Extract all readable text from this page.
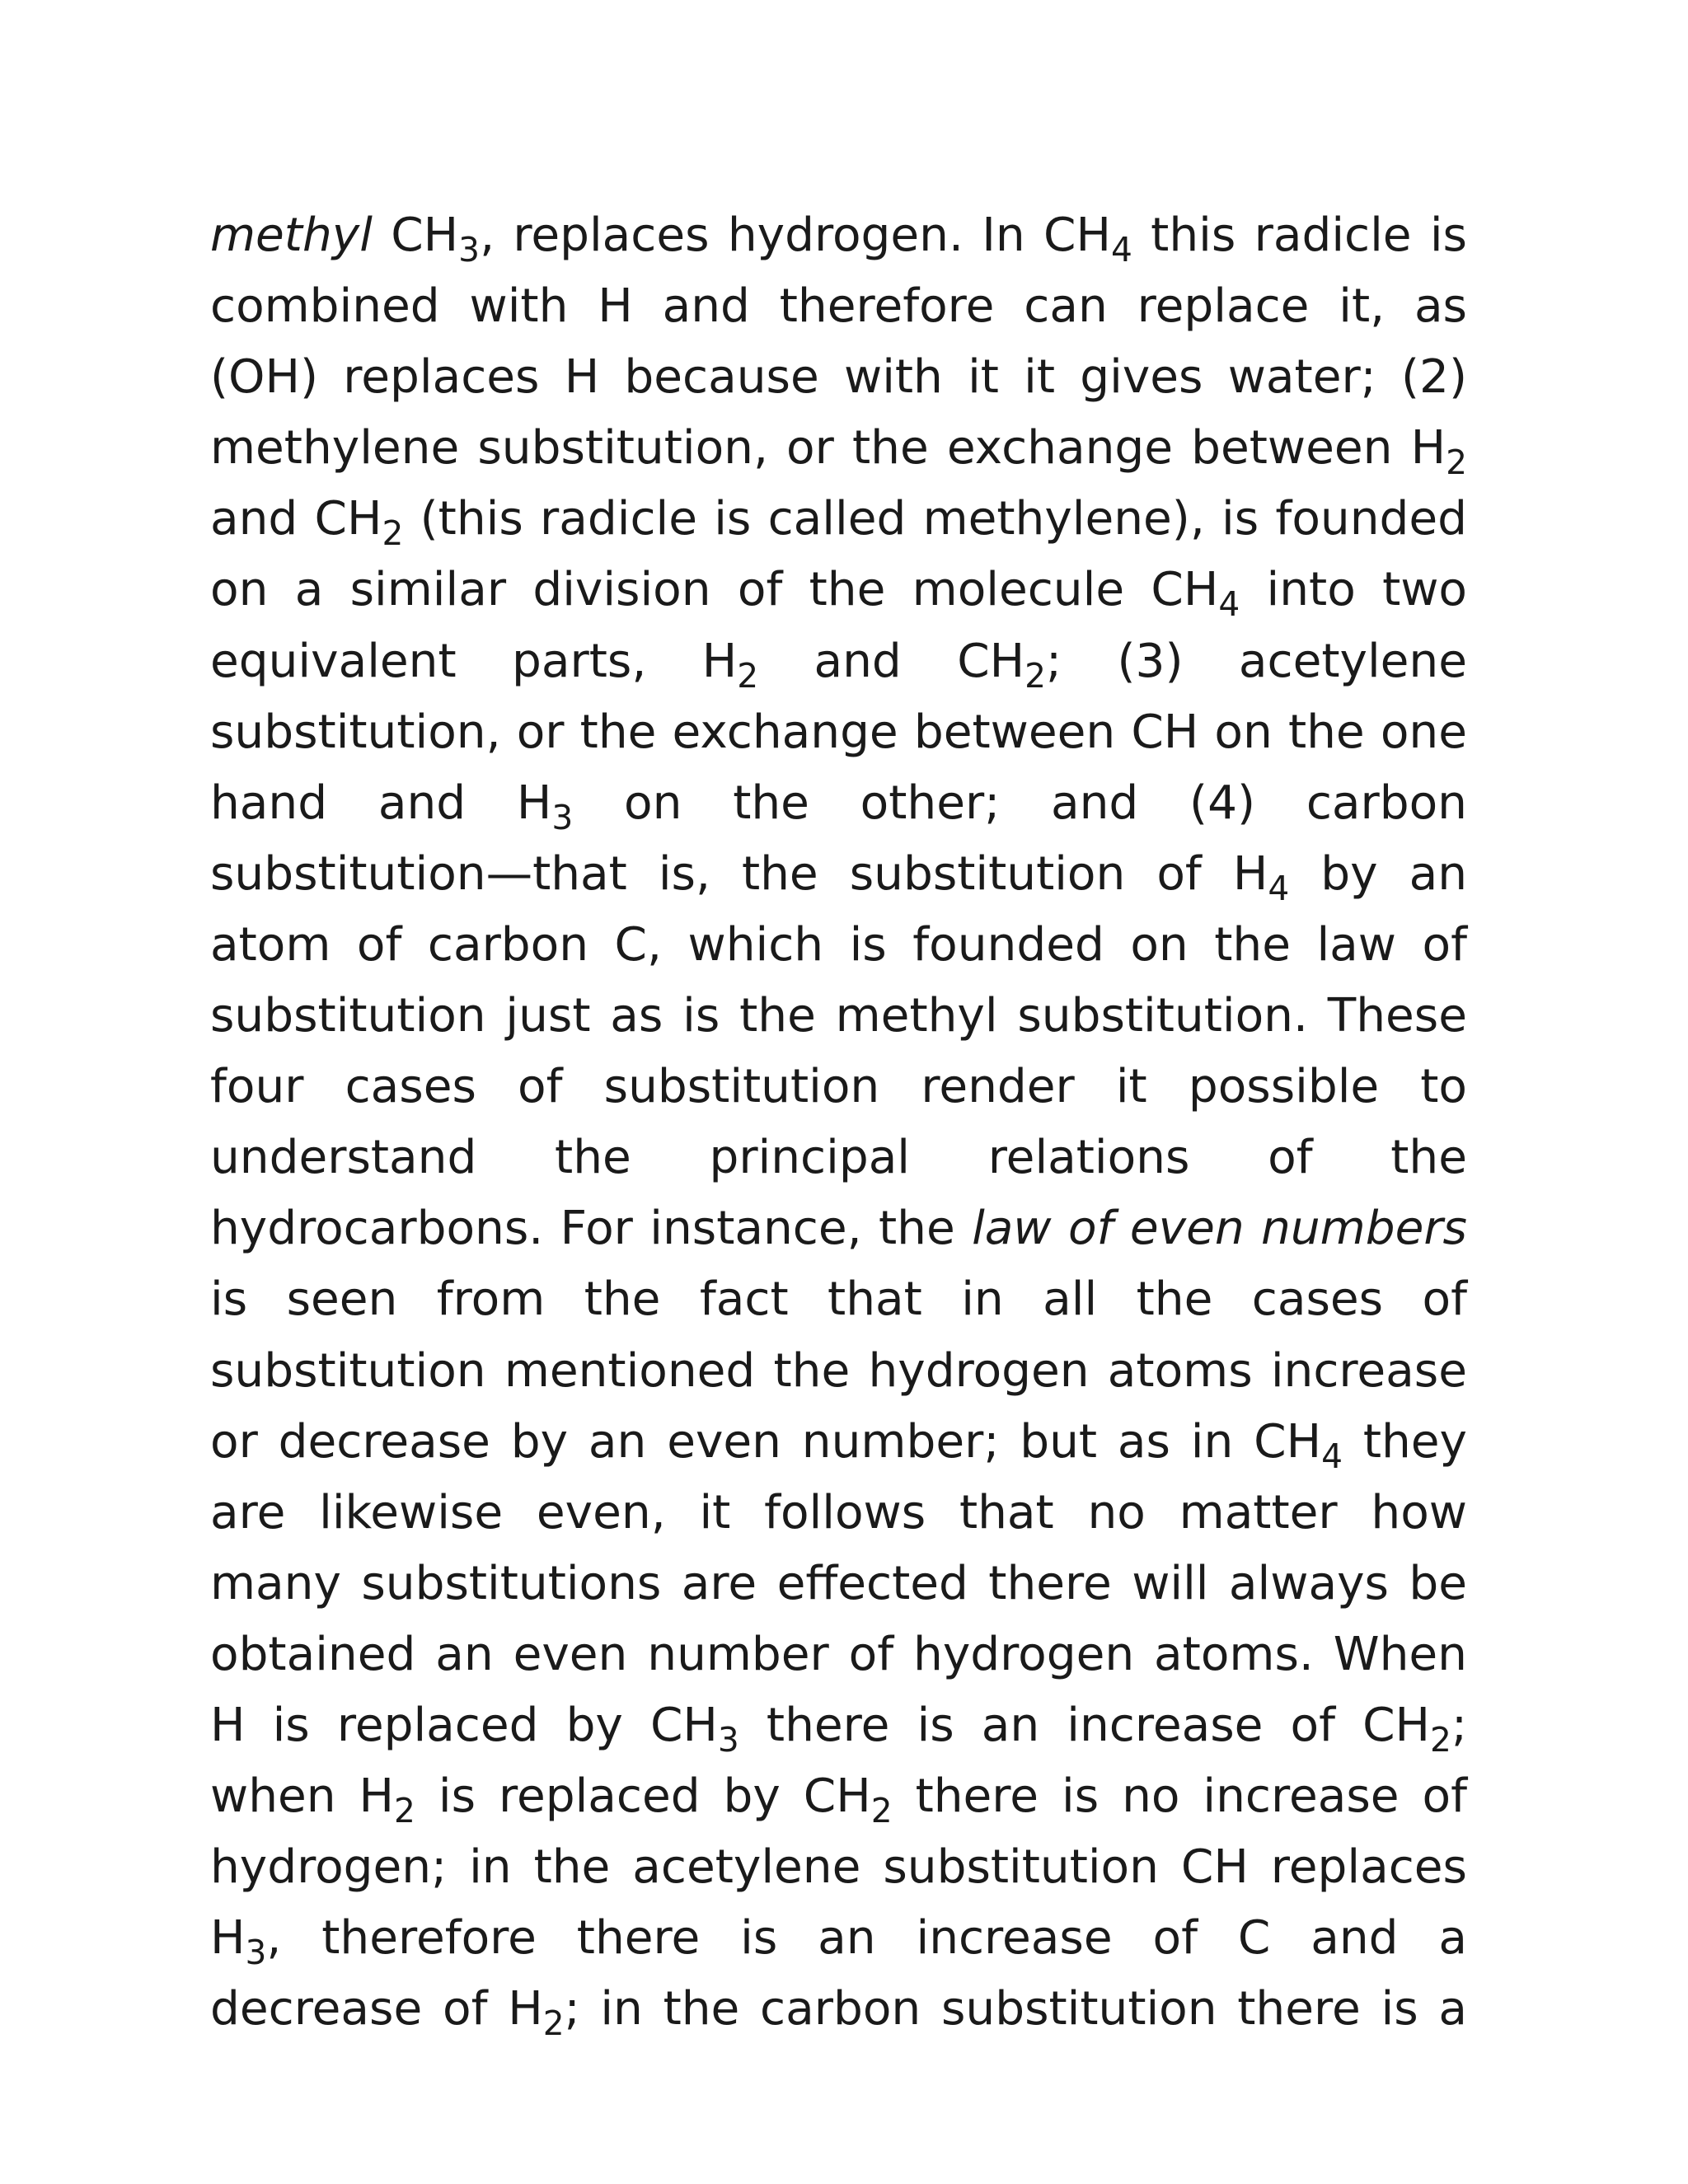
methyl $CH_3$, replaces hydrogen. In $CH_4$ this radicle is
combined with H and therefore can replace it, as
(OH) replaces H because with it it gives water; (2)
methylene substitution, or the exchange between $H_2$
and $CH_2$ (this radicle is called methylene), is founded
on a similar division of the molecule $CH_4$ into two
equivalent parts, $H_2$ and $CH_2$; (3) acetylene
substitution, or the exchange between CH on the one
hand and $H_3$ on the other; and (4) carbon
substitution—that is, the substitution of $H_4$ by an
atom of carbon C, which is founded on the law of
substitution just as is the methyl substitution. These
four cases of substitution render it possible to
understand the principal relations of the
hydrocarbons. For instance, the law of even numbers
is seen from the fact that in all the cases of
substitution mentioned the hydrogen atoms increase
or decrease by an even number; but as in $CH_4$ they
are likewise even, it follows that no matter how
many substitutions are effected there will always be
obtained an even number of hydrogen atoms. When
H is replaced by $CH_3$ there is an increase of $CH_2$;
when $H_2$ is replaced by $CH_2$ there is no increase of
hydrogen; in the acetylene substitution CH replaces
$H_3$, therefore there is an increase of C and a
decrease of $H_2$; in the carbon substitution there is a
